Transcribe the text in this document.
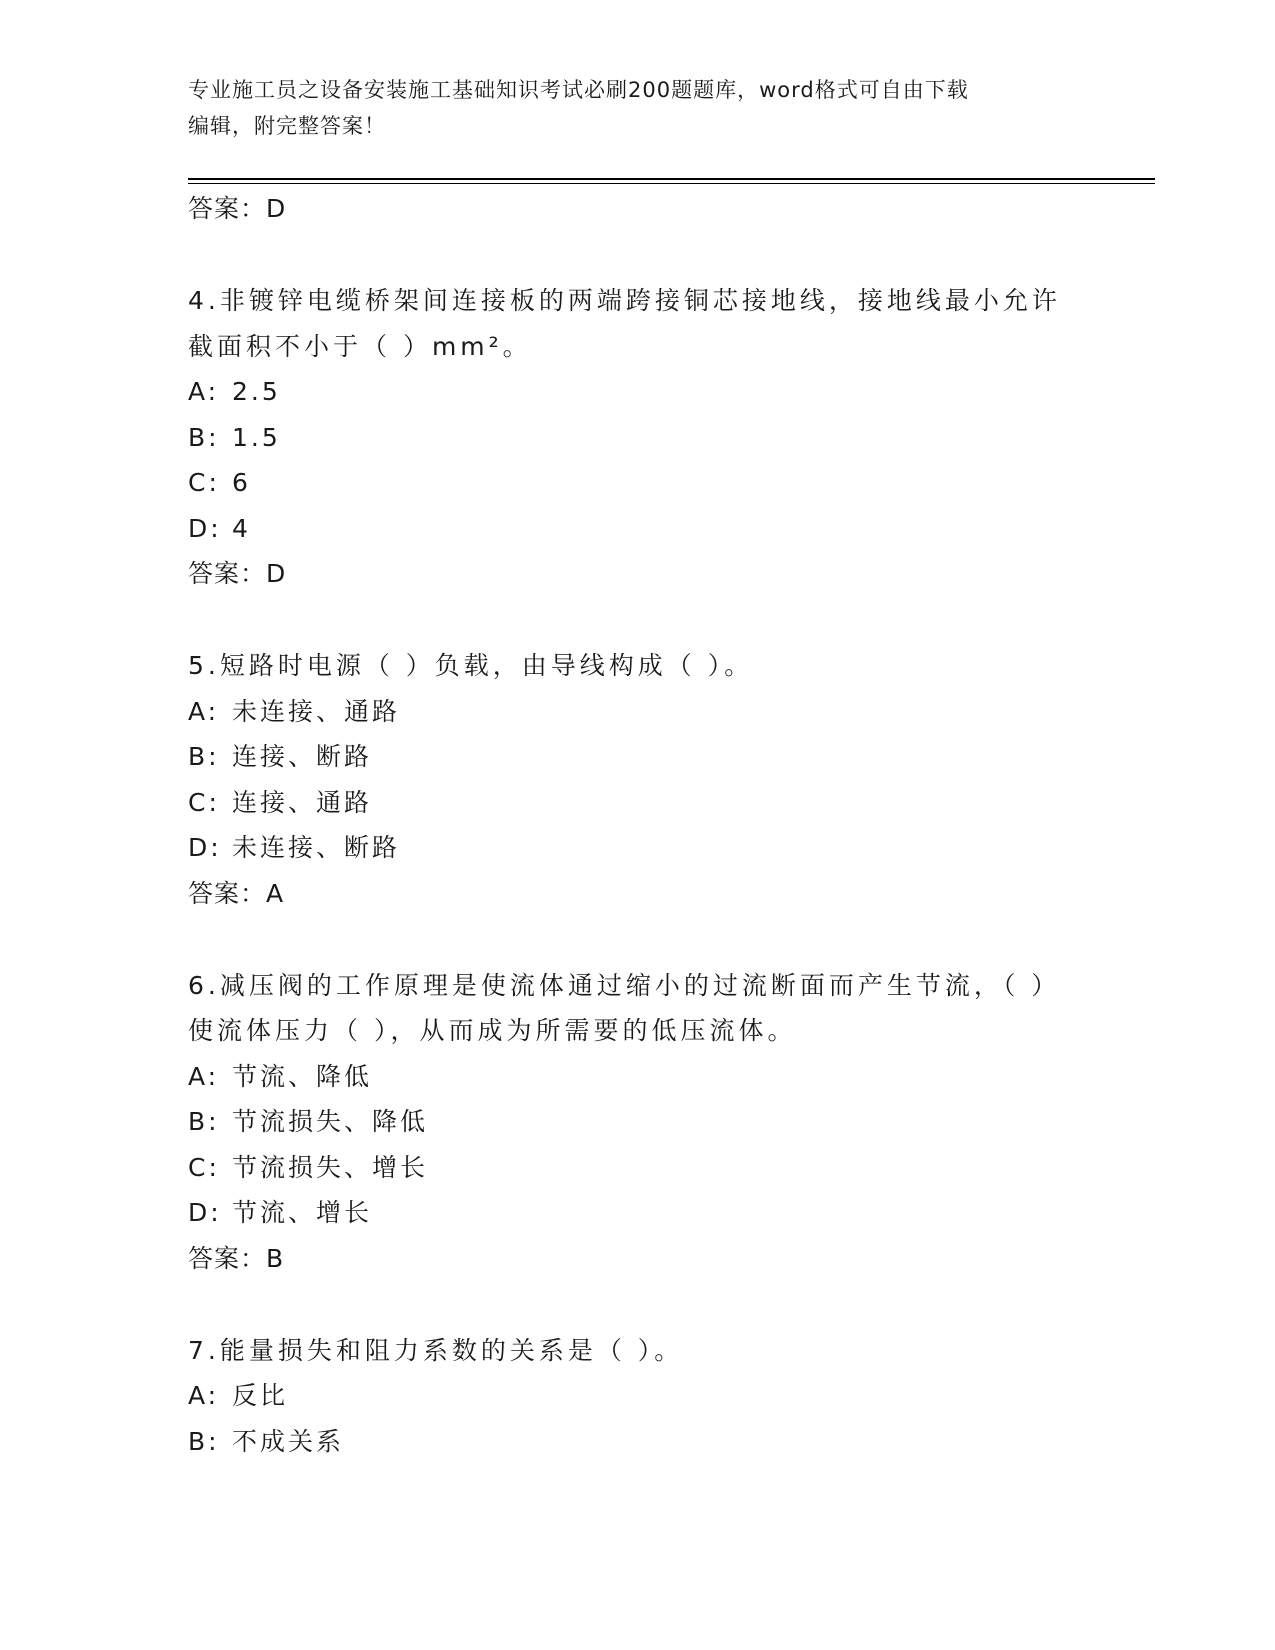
专业施工员之设备安装施工基础知识考试必刷200题题库，word格式可自由下载
编辑，附完整答案！
答案：D
4.非镀锌电缆桥架间连接板的两端跨接铜芯接地线，接地线最小允许截面积不小于（ ）mm²。
A: 2.5
B: 1.5
C: 6
D: 4
答案：D
5.短路时电源（ ）负载，由导线构成（ ）。
A: 未连接、通路
B: 连接、断路
C: 连接、通路
D: 未连接、断路
答案：A
6.减压阀的工作原理是使流体通过缩小的过流断面而产生节流，（ ）使流体压力（ ），从而成为所需要的低压流体。
A: 节流、降低
B: 节流损失、降低
C: 节流损失、增长
D: 节流、增长
答案：B
7.能量损失和阻力系数的关系是（ ）。
A: 反比
B: 不成关系
